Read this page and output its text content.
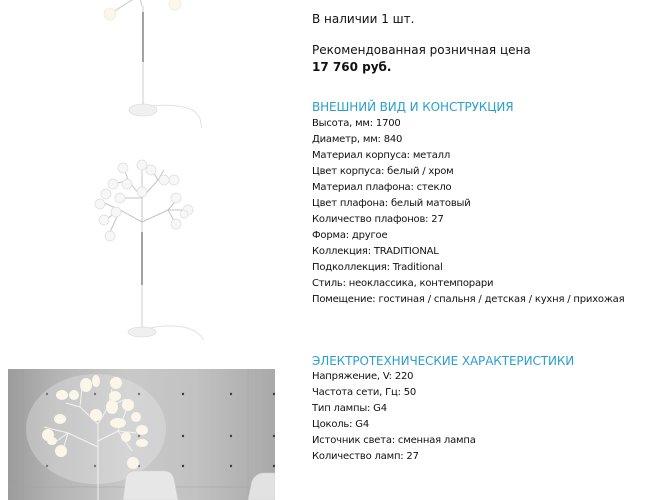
В наличии 1 шт.
Рекомендованная розничная цена
17 760 руб.
ВНЕШНИЙ ВИД И КОНСТРУКЦИЯ
Высота, мм: 1700
Диаметр, мм: 840
Материал корпуса: металл
Цвет корпуса: белый / хром
Материал плафона: стекло
Цвет плафона: белый матовый
Количество плафонов: 27
Форма: другое
Коллекция: TRADITIONAL
Подколлекция: Traditional
Стиль: неоклассика, контемпорари
Помещение: гостиная / спальня / детская / кухня / прихожая
ЭЛЕКТРОТЕХНИЧЕСКИЕ ХАРАКТЕРИСТИКИ
Напряжение, V: 220
Частота сети, Гц: 50
Тип лампы: G4
Цоколь: G4
Источник света: сменная лампа
Количество ламп: 27
